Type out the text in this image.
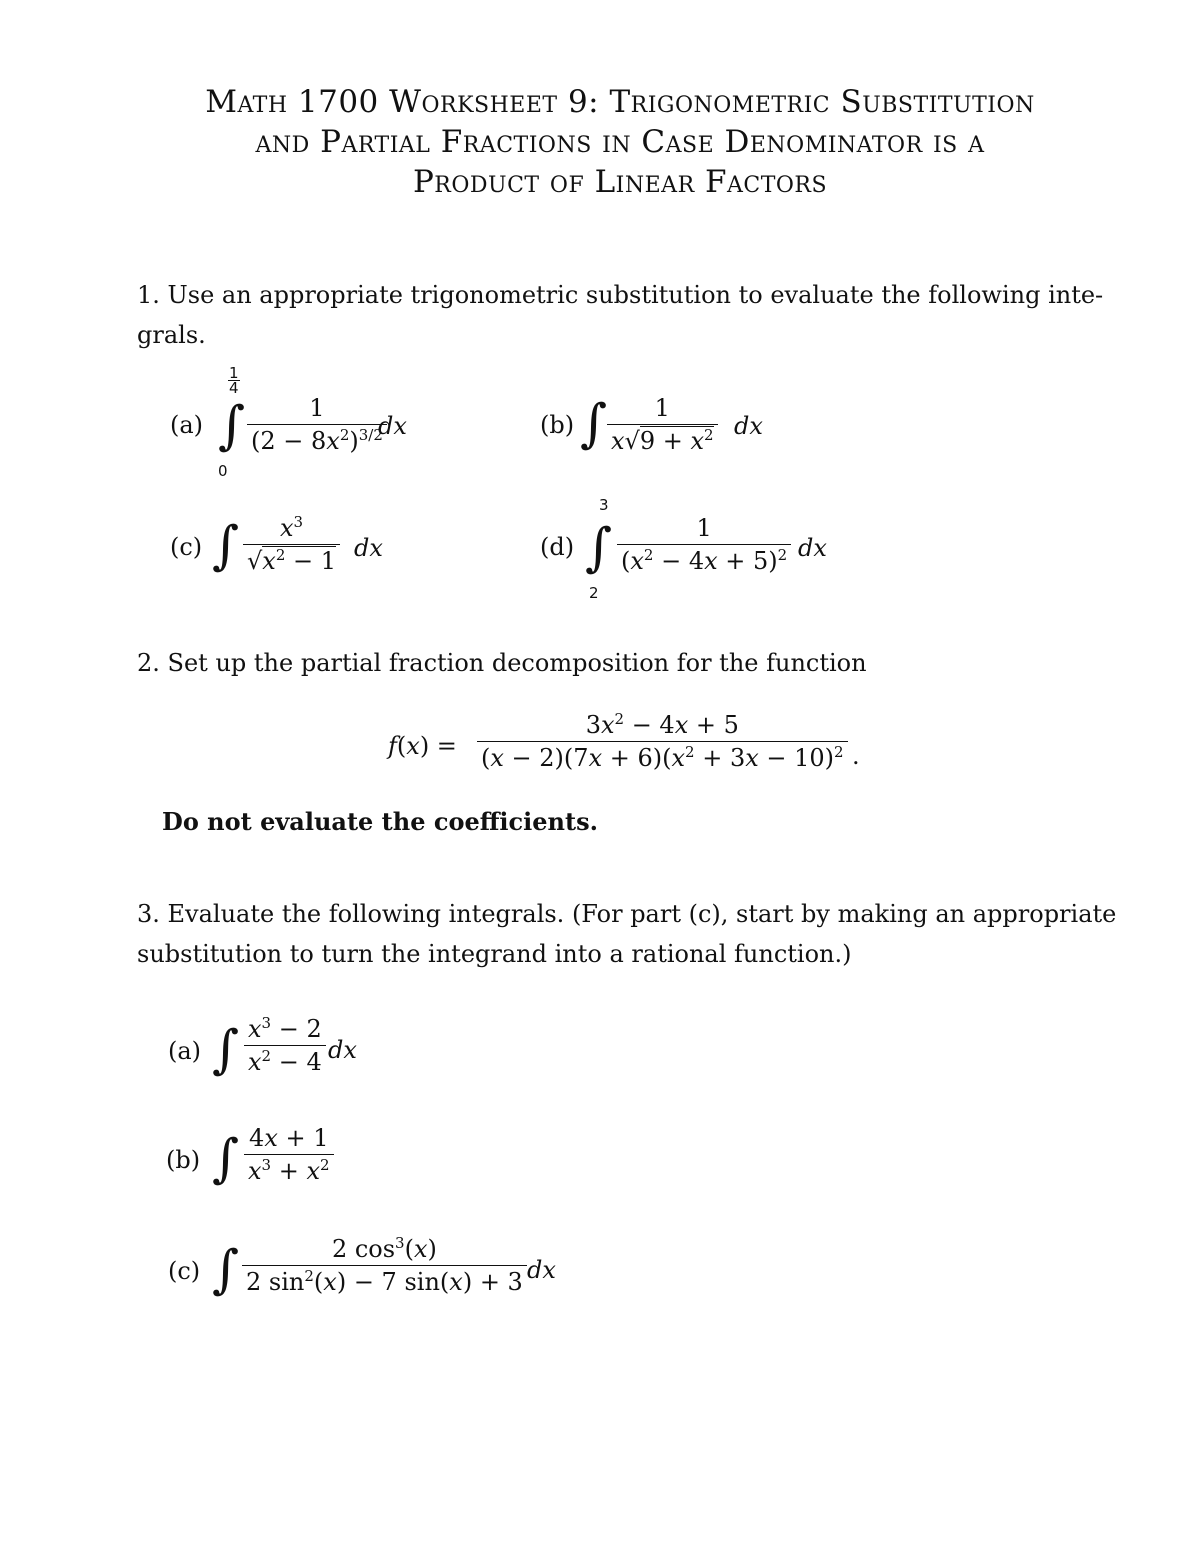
Math 1700 Worksheet 9: Trigonometric Substitution
and Partial Fractions in Case Denominator is a
Product of Linear Factors
1. Use an appropriate trigonometric substitution to evaluate the following inte-
grals.
(a)
1
4
∫
0
$\frac{1}{(2 - 8x^2)^{3/2}}$
dx	(b) ∫ $\frac{1}{x√9 + x^2}$ dx
(c) ∫ $\frac{x^3}{√x^2 - 1}$ dx	(d)
3
∫
2
$\frac{1}{(x^2 - 4x + 5)^2}$ dx
2. Set up the partial fraction decomposition for the function
$f(x) = \frac{3x^2 - 4x + 5}{(x - 2)(7x + 6)(x^2 + 3x - 10)^2}$ .
Do not evaluate the coefficients.
3. Evaluate the following integrals. (For part (c), start by making an appropriate
substitution to turn the integrand into a rational function.)
(a) ∫ $\frac{x^3 - 2}{x^2 - 4}$ dx
(b) ∫ $\frac{4x + 1}{x^3 + x^2}$
(c) ∫ $\frac{2 \cos^3(x)}{2 \sin^2(x) - 7 \sin(x) + 3}$ dx
